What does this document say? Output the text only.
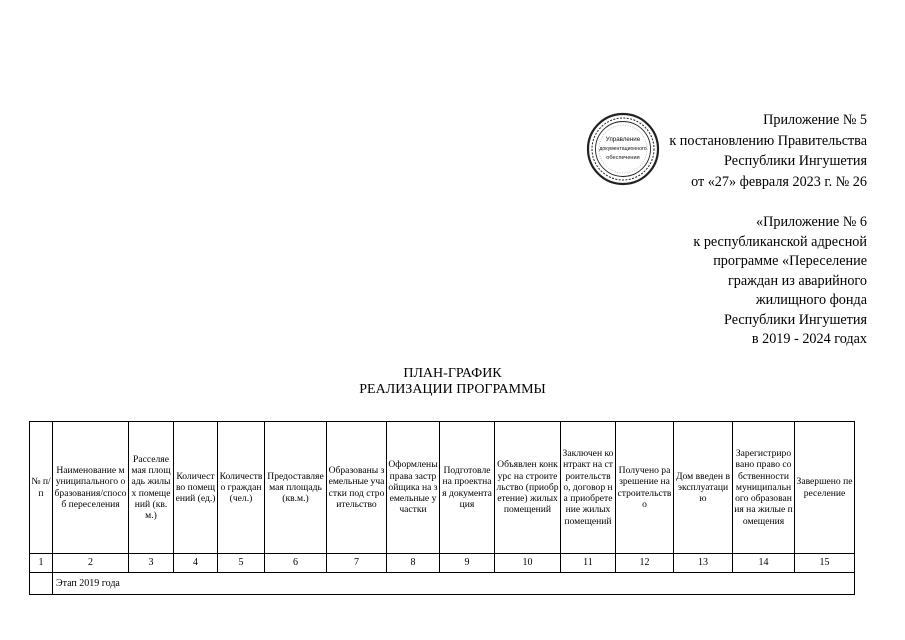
Приложение № 5
к постановлению Правительства
Республики Ингушетия
от «27» февраля 2023 г. № 26
Управление
документационного
обеспечения
«Приложение № 6
к республиканской адресной
программе «Переселение
граждан из аварийного
жилищного фонда
Республики Ингушетия
в 2019 - 2024 годах
ПЛАН-ГРАФИК
РЕАЛИЗАЦИИ ПРОГРАММЫ
№ п/п	Наименование муниципального образования/способ переселения	Расселяемая площадь жилых помещений (кв.м.)	Количество помещений (ед.)	Количество граждан (чел.)	Предоставляемая площадь (кв.м.)	Образованы земельные участки под строительство	Оформлены права застройщика на земельные участки	Подготовлена проектная документация	Объявлен конкурс на строительство (приобретение) жилых помещений	Заключен контракт на строительство, договор на приобретение жилых помещений	Получено разрешение на строительство	Дом введен в эксплуатацию	Зарегистрировано право собственности муниципального образования на жилые помещения	Завершено переселение
1	2	3	4	5	6	7	8	9	10	11	12	13	14	15
	Этап 2019 года													
